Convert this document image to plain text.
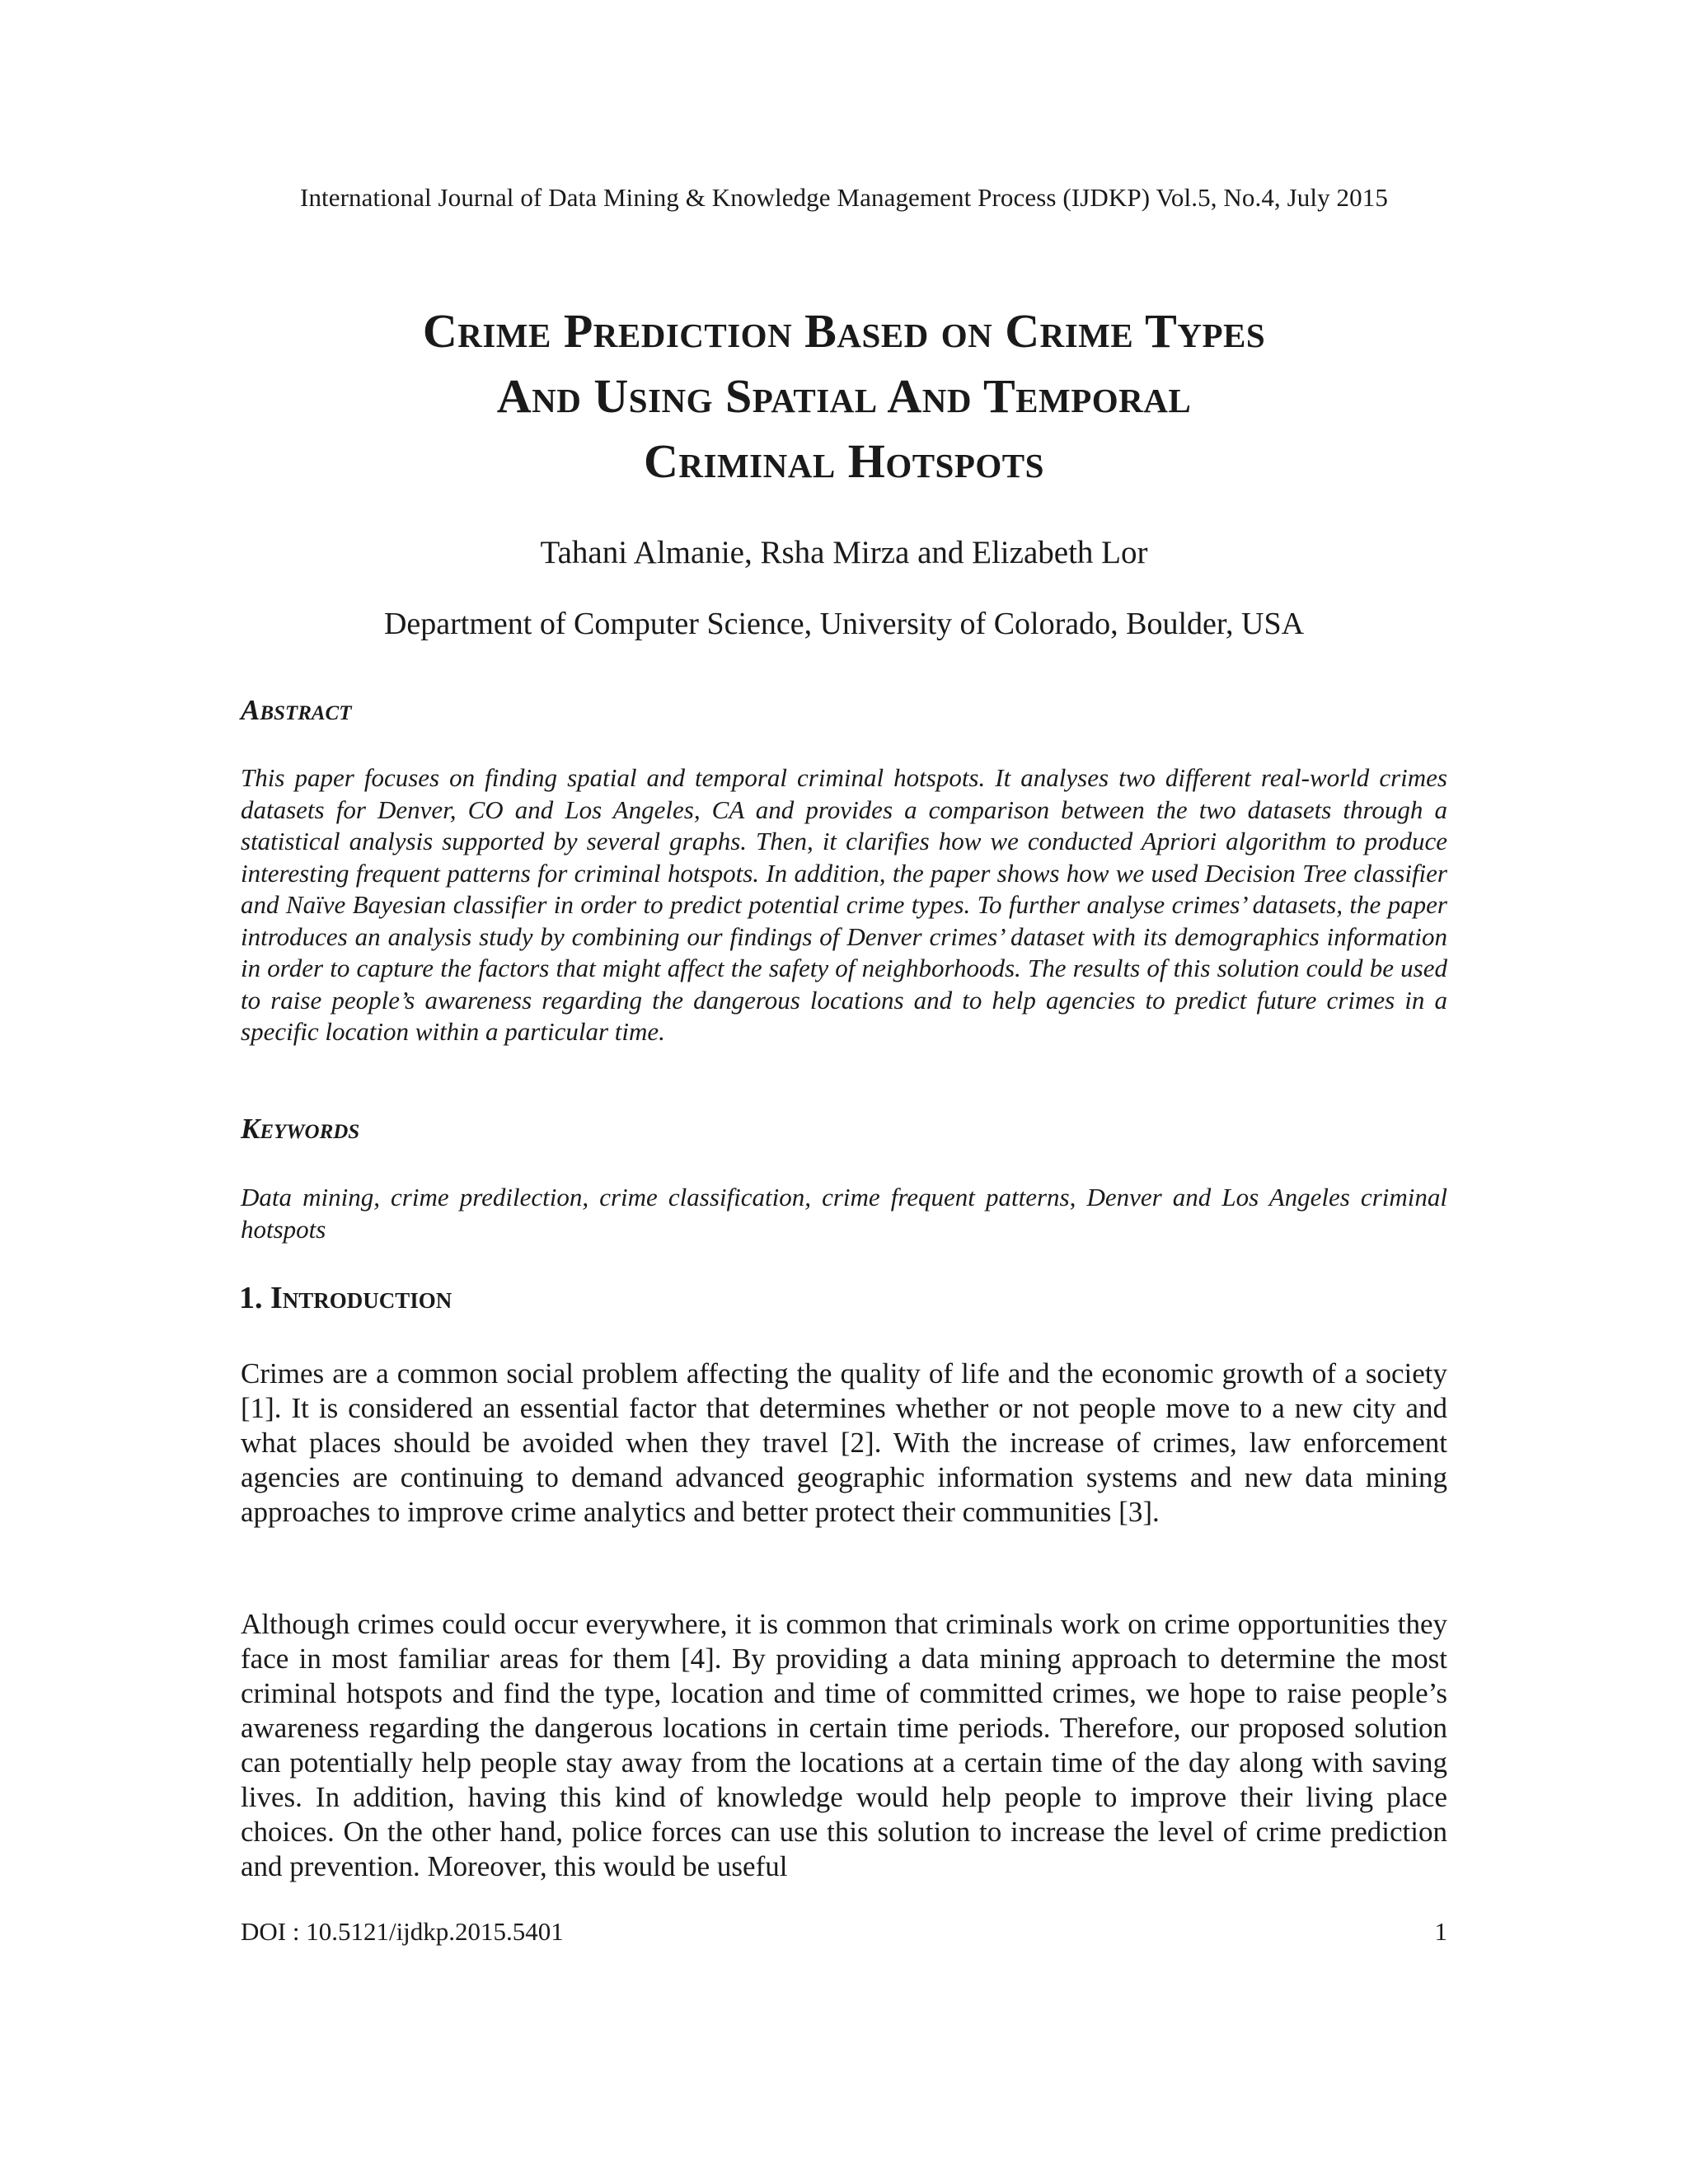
International Journal of Data Mining & Knowledge Management Process (IJDKP) Vol.5, No.4, July 2015
Crime Prediction Based on Crime Types
And Using Spatial And Temporal
Criminal Hotspots
Tahani Almanie, Rsha Mirza and Elizabeth Lor
Department of Computer Science, University of Colorado, Boulder, USA
Abstract
This paper focuses on finding spatial and temporal criminal hotspots. It analyses two different real-world crimes datasets for Denver, CO and Los Angeles, CA and provides a comparison between the two datasets through a statistical analysis supported by several graphs. Then, it clarifies how we conducted Apriori algorithm to produce interesting frequent patterns for criminal hotspots. In addition, the paper shows how we used Decision Tree classifier and Naïve Bayesian classifier in order to predict potential crime types. To further analyse crimes’ datasets, the paper introduces an analysis study by combining our findings of Denver crimes’ dataset with its demographics information in order to capture the factors that might affect the safety of neighborhoods. The results of this solution could be used to raise people’s awareness regarding the dangerous locations and to help agencies to predict future crimes in a specific location within a particular time.
Keywords
Data mining, crime predilection, crime classification, crime frequent patterns, Denver and Los Angeles criminal hotspots
1. Introduction
Crimes are a common social problem affecting the quality of life and the economic growth of a society [1]. It is considered an essential factor that determines whether or not people move to a new city and what places should be avoided when they travel [2]. With the increase of crimes, law enforcement agencies are continuing to demand advanced geographic information systems and new data mining approaches to improve crime analytics and better protect their communities [3].
Although crimes could occur everywhere, it is common that criminals work on crime opportunities they face in most familiar areas for them [4]. By providing a data mining approach to determine the most criminal hotspots and find the type, location and time of committed crimes, we hope to raise people’s awareness regarding the dangerous locations in certain time periods. Therefore, our proposed solution can potentially help people stay away from the locations at a certain time of the day along with saving lives. In addition, having this kind of knowledge would help people to improve their living place choices. On the other hand, police forces can use this solution to increase the level of crime prediction and prevention. Moreover, this would be useful
DOI : 10.5121/ijdkp.2015.5401	1
